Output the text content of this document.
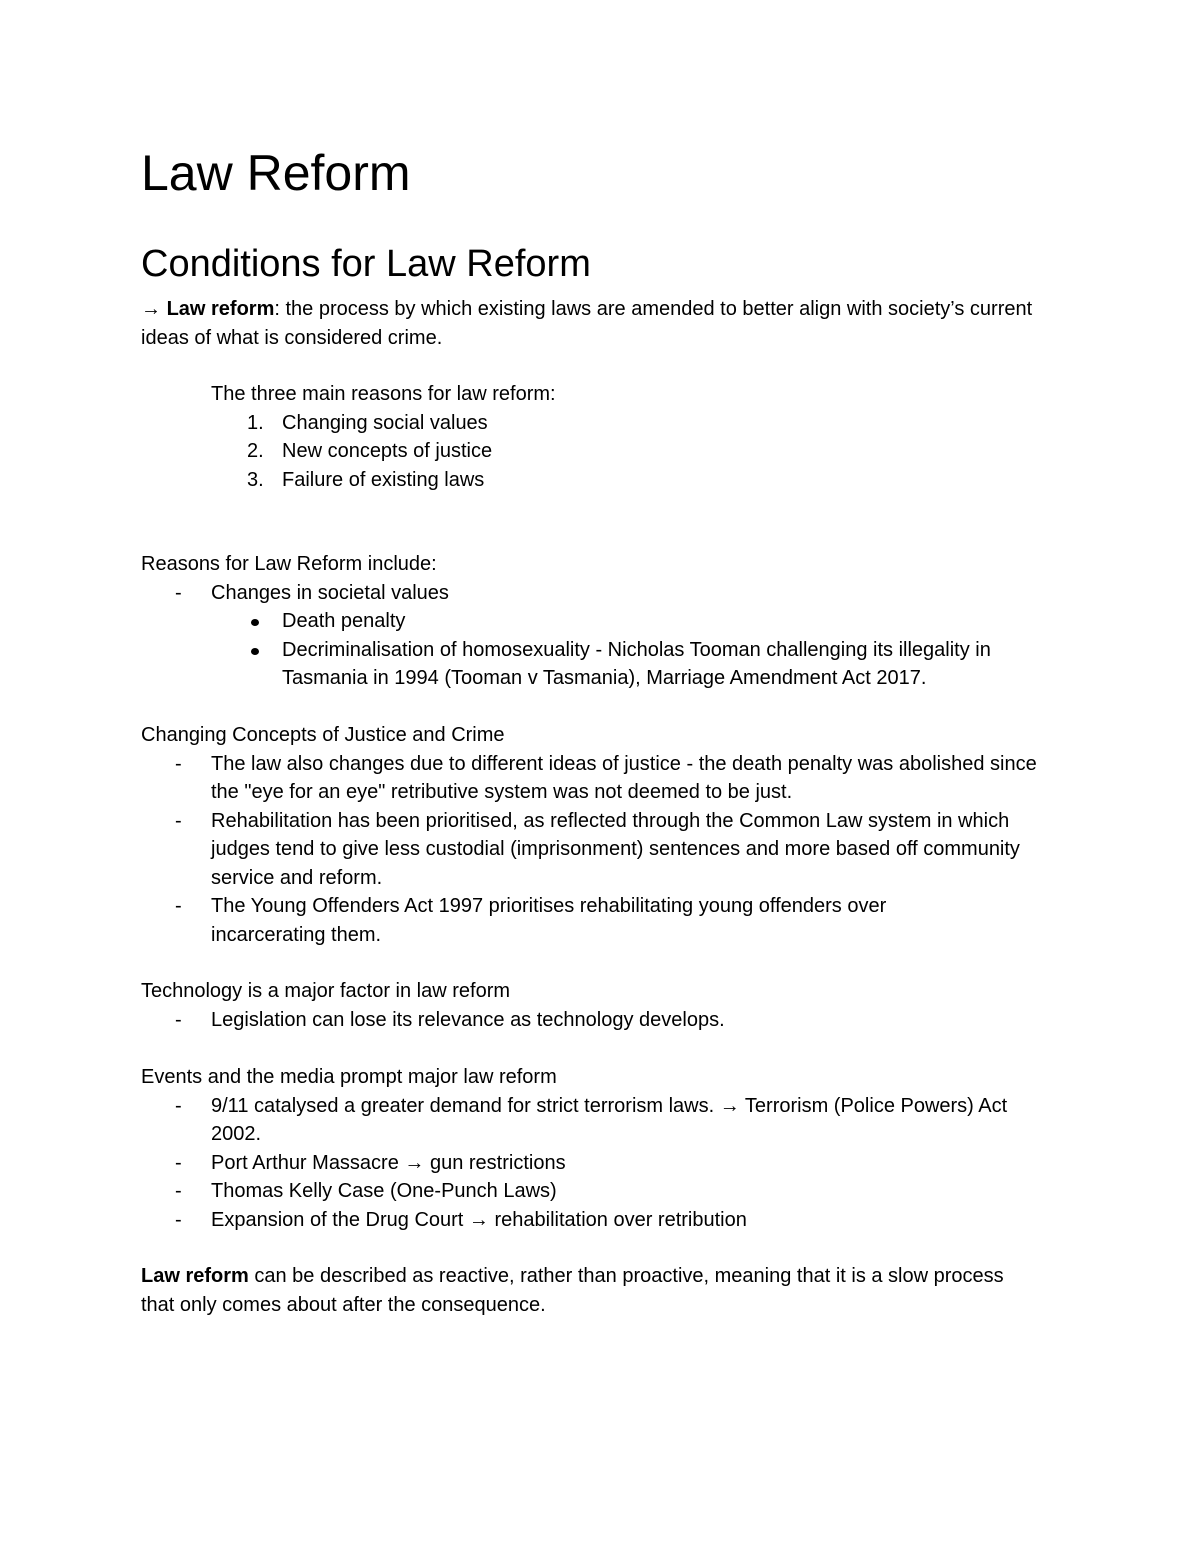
Law Reform
Conditions for Law Reform

→ Law reform: the process by which existing laws are amended to better align with society’s current ideas of what is considered crime.

The three main reasons for law reform:
1. Changing social values
2. New concepts of justice
3. Failure of existing laws
Reasons for Law Reform include:
- Changes in societal values
Death penalty
Decriminalisation of homosexuality - Nicholas Tooman challenging its illegality in Tasmania in 1994 (Tooman v Tasmania), Marriage Amendment Act 2017.
Changing Concepts of Justice and Crime
- The law also changes due to different ideas of justice - the death penalty was abolished since the "eye for an eye" retributive system was not deemed to be just.
- Rehabilitation has been prioritised, as reflected through the Common Law system in which judges tend to give less custodial (imprisonment) sentences and more based off community service and reform.
- The Young Offenders Act 1997 prioritises rehabilitating young offenders over incarcerating them.
Technology is a major factor in law reform
- Legislation can lose its relevance as technology develops.
Events and the media prompt major law reform
- 9/11 catalysed a greater demand for strict terrorism laws. → Terrorism (Police Powers) Act 2002.
- Port Arthur Massacre → gun restrictions
- Thomas Kelly Case (One-Punch Laws)
- Expansion of the Drug Court → rehabilitation over retribution

Law reform can be described as reactive, rather than proactive, meaning that it is a slow process that only comes about after the consequence.
